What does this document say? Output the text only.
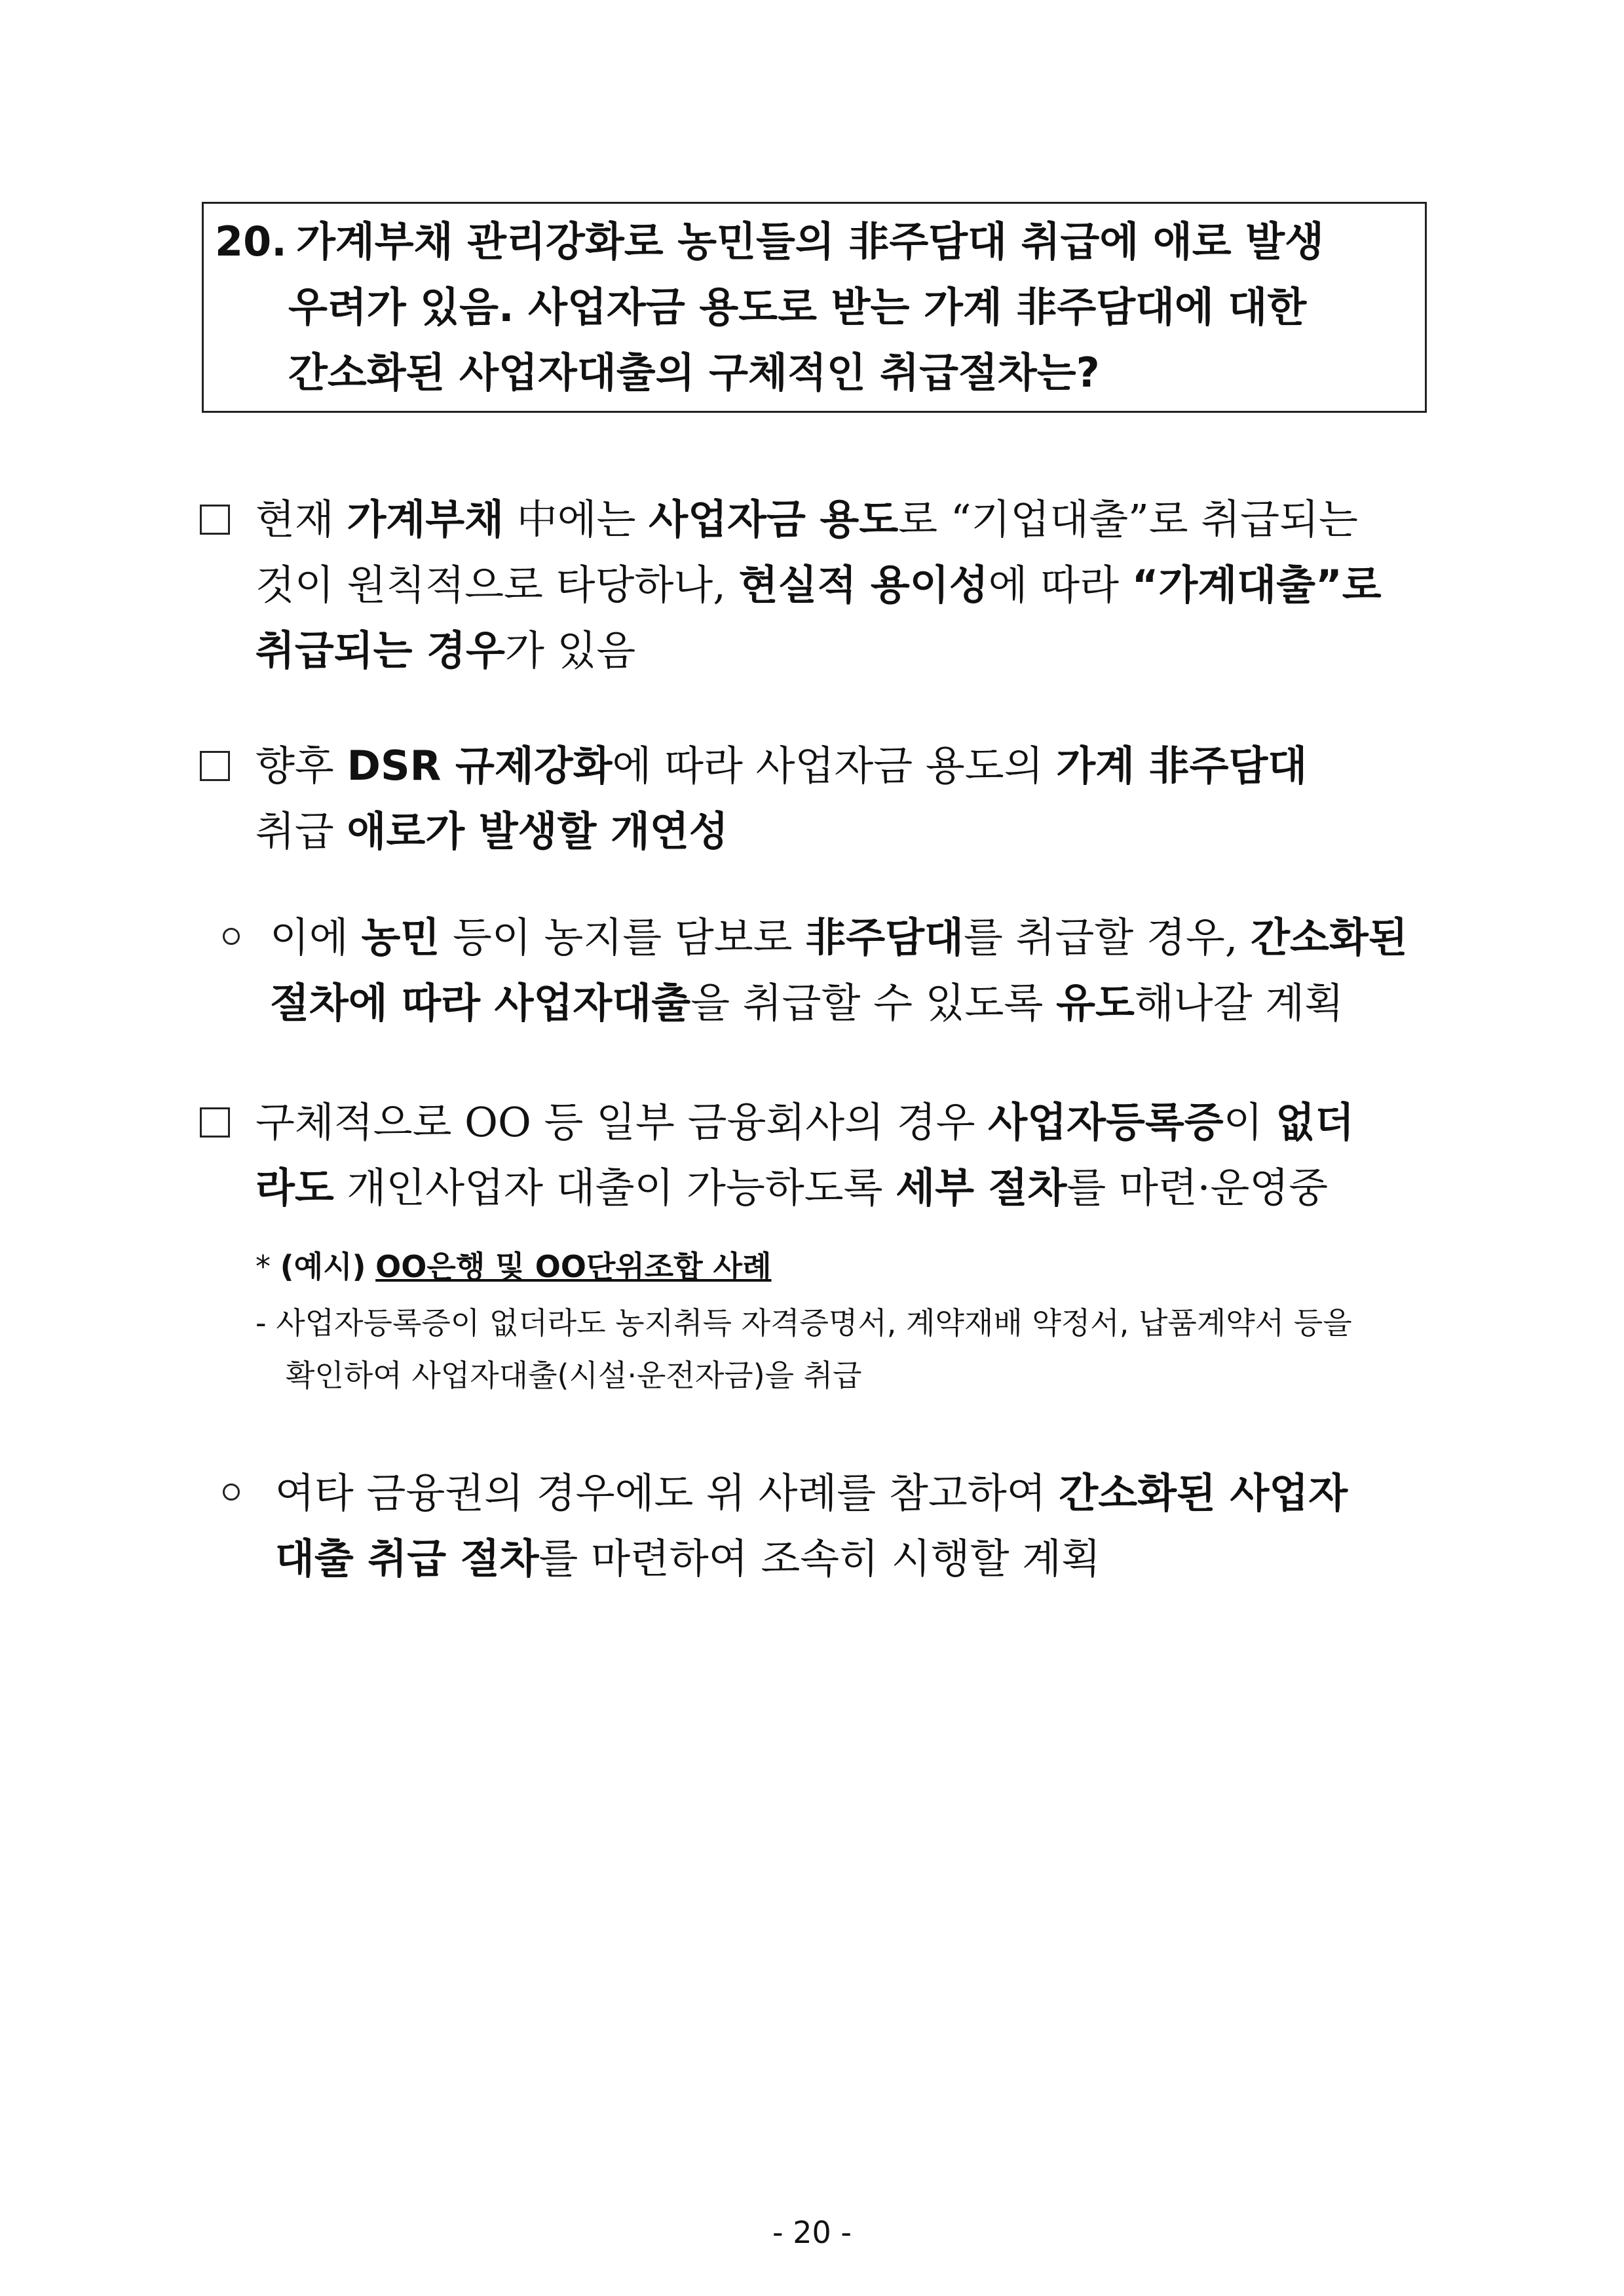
20. 가계부채 관리강화로 농민들의 非주담대 취급에 애로 발생
우려가 있음. 사업자금 용도로 받는 가계 非주담대에 대한
간소화된 사업자대출의 구체적인 취급절차는?
현재 가계부채 中에는 사업자금 용도로 “기업대출”로 취급되는
것이 원칙적으로 타당하나, 현실적 용이성에 따라 “가계대출”로
취급되는 경우가 있음
향후 DSR 규제강화에 따라 사업자금 용도의 가계 非주담대
취급 애로가 발생할 개연성
이에 농민 등이 농지를 담보로 非주담대를 취급할 경우, 간소화된
절차에 따라 사업자대출을 취급할 수 있도록 유도해나갈 계획
구체적으로 OO 등 일부 금융회사의 경우 사업자등록증이 없더
라도 개인사업자 대출이 가능하도록 세부 절차를 마련·운영중
* (예시) OO은행 및 OO단위조합 사례
- 사업자등록증이 없더라도 농지취득 자격증명서, 계약재배 약정서, 납품계약서 등을
확인하여 사업자대출(시설·운전자금)을 취급
여타 금융권의 경우에도 위 사례를 참고하여 간소화된 사업자
대출 취급 절차를 마련하여 조속히 시행할 계획
- 20 -
